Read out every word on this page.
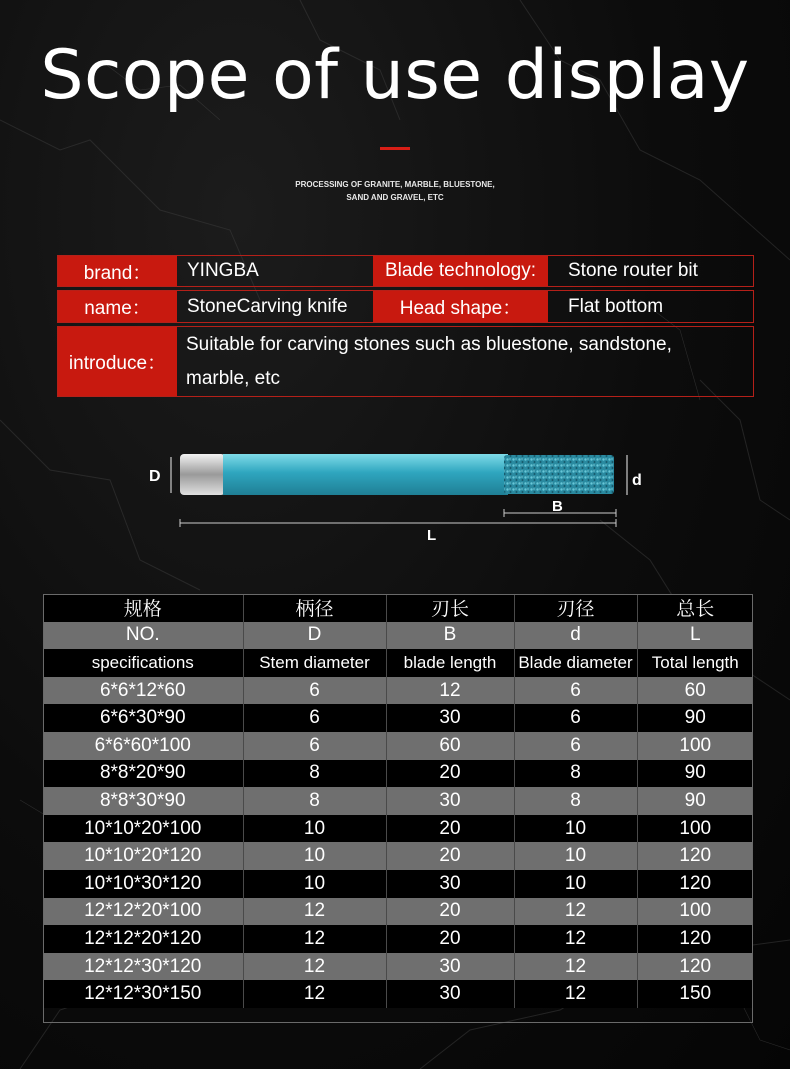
Scope of use display
PROCESSING OF GRANITE, MARBLE, BLUESTONE,
SAND AND GRAVEL, ETC
brand：	YINGBA	Blade technology:	Stone router bit
name：	StoneCarving knife	Head shape：	Flat bottom
introduce：
Suitable for carving stones such as bluestone, sandstone,
marble, etc
D	d
B
L
规格	柄径	刃长	刃径	总长
NO.	D	B	d	L
specifications	Stem diameter	blade length	Blade diameter	Total length
6*6*12*60	6	12	6	60
6*6*30*90	6	30	6	90
6*6*60*100	6	60	6	100
8*8*20*90	8	20	8	90
8*8*30*90	8	30	8	90
10*10*20*100	10	20	10	100
10*10*20*120	10	20	10	120
10*10*30*120	10	30	10	120
12*12*20*100	12	20	12	100
12*12*20*120	12	20	12	120
12*12*30*120	12	30	12	120
12*12*30*150	12	30	12	150
